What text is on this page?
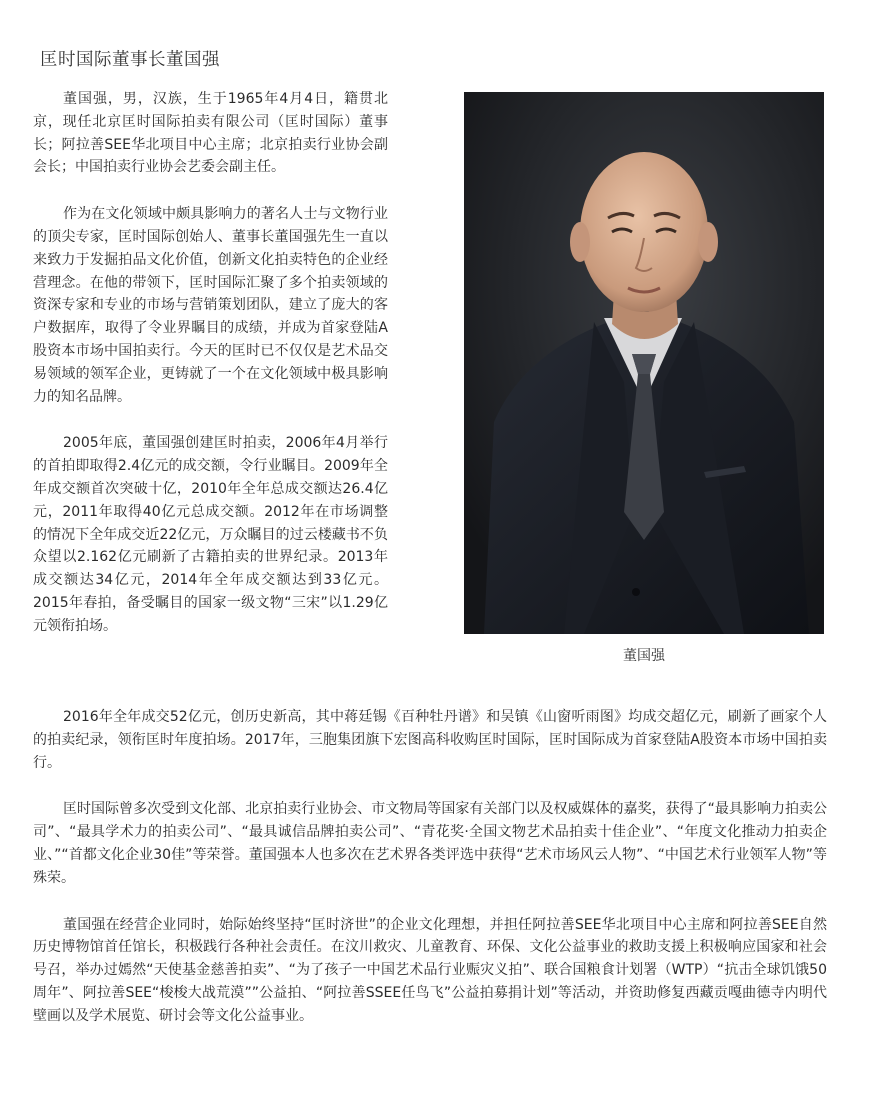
匡时国际董事长董国强

董国强，男，汉族，生于1965年4月4日，籍贯北京，现任北京匡时国际拍卖有限公司（匡时国际）董事长；阿拉善SEE华北项目中心主席；北京拍卖行业协会副会长；中国拍卖行业协会艺委会副主任。

作为在文化领域中颇具影响力的著名人士与文物行业的顶尖专家，匡时国际创始人、董事长董国强先生一直以来致力于发掘拍品文化价值，创新文化拍卖特色的企业经营理念。在他的带领下，匡时国际汇聚了多个拍卖领域的资深专家和专业的市场与营销策划团队，建立了庞大的客户数据库，取得了令业界瞩目的成绩，并成为首家登陆A股资本市场中国拍卖行。今天的匡时已不仅仅是艺术品交易领域的领军企业，更铸就了一个在文化领域中极具影响力的知名品牌。

2005年底，董国强创建匡时拍卖，2006年4月举行的首拍即取得2.4亿元的成交额，令行业瞩目。2009年全年成交额首次突破十亿，2010年全年总成交额达26.4亿元，2011年取得40亿元总成交额。2012年在市场调整的情况下全年成交近22亿元，万众瞩目的过云楼藏书不负众望以2.162亿元刷新了古籍拍卖的世界纪录。2013年成交额达34亿元，2014年全年成交额达到33亿元。2015年春拍，备受瞩目的国家一级文物“三宋”以1.29亿元领衔拍场。

董国强

2016年全年成交52亿元，创历史新高，其中蒋廷锡《百种牡丹谱》和吴镇《山窗听雨图》均成交超亿元，刷新了画家个人的拍卖纪录，领衔匡时年度拍场。2017年，三胞集团旗下宏图高科收购匡时国际，匡时国际成为首家登陆A股资本市场中国拍卖行。

匡时国际曾多次受到文化部、北京拍卖行业协会、市文物局等国家有关部门以及权威媒体的嘉奖，获得了“最具影响力拍卖公司”、“最具学术力的拍卖公司”、“最具诚信品牌拍卖公司”、“青花奖·全国文物艺术品拍卖十佳企业”、“年度文化推动力拍卖企业、”“首都文化企业30佳”等荣誉。董国强本人也多次在艺术界各类评选中获得“艺术市场风云人物”、“中国艺术行业领军人物”等殊荣。

董国强在经营企业同时，始际始终坚持“匡时济世”的企业文化理想，并担任阿拉善SEE华北项目中心主席和阿拉善SEE自然历史博物馆首任馆长，积极践行各种社会责任。在汶川救灾、儿童教育、环保、文化公益事业的救助支援上积极响应国家和社会号召，举办过嫣然“天使基金慈善拍卖”、“为了孩子一中国艺术品行业赈灾义拍”、联合国粮食计划署（WTP）“抗击全球饥饿50周年”、阿拉善SEE“梭梭大战荒漠””公益拍、“阿拉善SSEE任鸟飞”公益拍募捐计划”等活动，并资助修复西藏贡嘎曲德寺内明代壁画以及学术展览、研讨会等文化公益事业。
